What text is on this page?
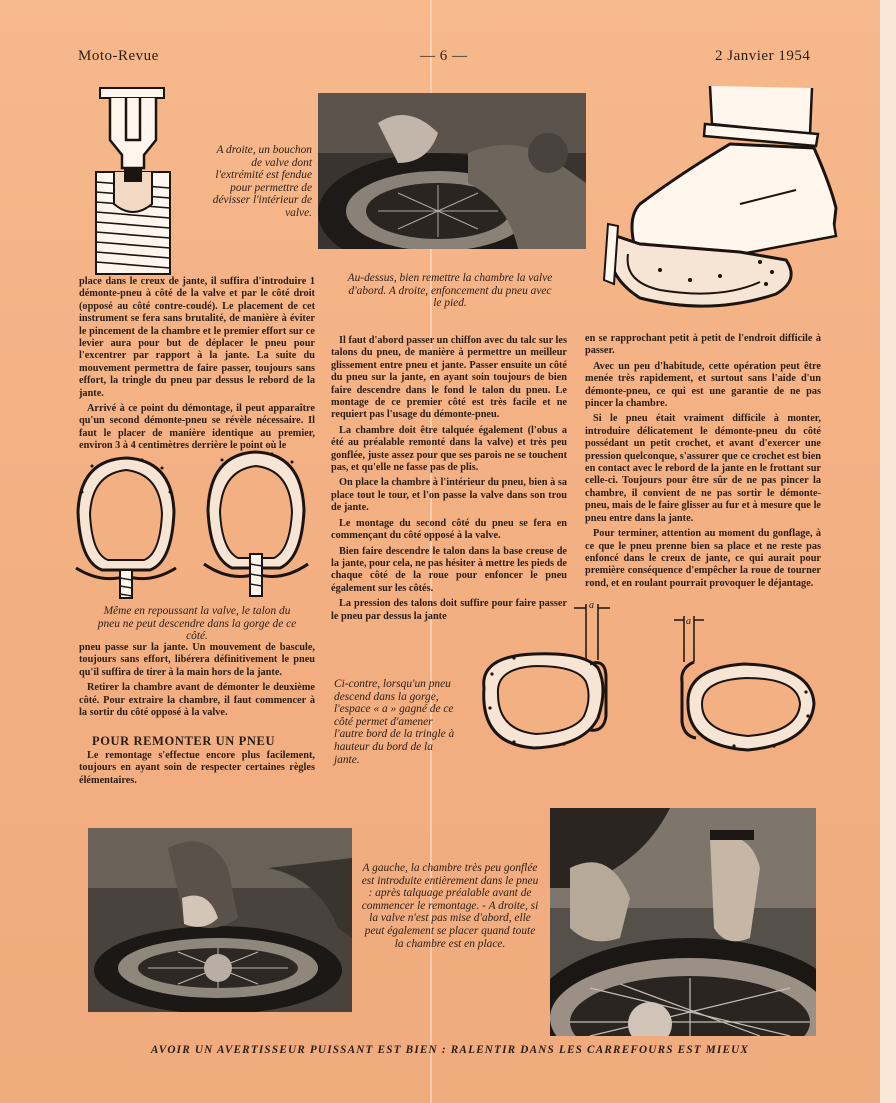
Moto-Revue	— 6 —	2 Janvier 1954
A droite, un bouchon de valve dont l'extrémité est fendue pour permettre de dévisser l'intérieur de valve.
Au-dessus, bien remettre la chambre la valve d'abord. A droite, enfoncement du pneu avec le pied.

place dans le creux de jante, il suffira d'introduire 1 démonte-pneu à côté de la valve et par le côté droit (opposé au côté contre-coudé). Le placement de cet instrument se fera sans brutalité, de manière à éviter le pincement de la chambre et le premier effort sur ce levier aura pour but de déplacer le pneu pour l'excentrer par rapport à la jante. La suite du mouvement permettra de faire passer, toujours sans effort, la tringle du pneu par dessus le rebord de la jante.

Arrivé à ce point du démontage, il peut apparaître qu'un second démonte-pneu se révèle nécessaire. Il faut le placer de manière identique au premier, environ 3 à 4 centimètres derrière le point où le

Même en repoussant la valve, le talon du pneu ne peut descendre dans la gorge de ce côté.

pneu passe sur la jante. Un mouvement de bascule, toujours sans effort, libérera définitivement le pneu qu'il suffira de tirer à la main hors de la jante.

Retirer la chambre avant de démonter le deuxième côté. Pour extraire la chambre, il faut commencer à la sortir du côté opposé à la valve.

POUR REMONTER UN PNEU

Le remontage s'effectue encore plus facilement, toujours en ayant soin de respecter certaines règles élémentaires.

Il faut d'abord passer un chiffon avec du talc sur les talons du pneu, de manière à permettre un meilleur glissement entre pneu et jante. Passer ensuite un côté du pneu sur la jante, en ayant soin toujours de bien faire descendre dans le fond le talon du pneu. Le montage de ce premier côté est très facile et ne requiert pas l'usage du démonte-pneu.

La chambre doit être talquée également (l'obus a été au préalable remonté dans la valve) et très peu gonflée, juste assez pour que ses parois ne se touchent pas, et qu'elle ne fasse pas de plis.

On place la chambre à l'intérieur du pneu, bien à sa place tout le tour, et l'on passe la valve dans son trou de jante.

Le montage du second côté du pneu se fera en commençant du côté opposé à la valve.

Bien faire descendre le talon dans la base creuse de la jante, pour cela, ne pas hésiter à mettre les pieds de chaque côté de la roue pour enfoncer le pneu également sur les côtés.

La pression des talons doit suffire pour faire passer le pneu par dessus la jante

en se rapprochant petit à petit de l'endroit difficile à passer.

Avec un peu d'habitude, cette opération peut être menée très rapidement, et surtout sans l'aide d'un démonte-pneu, ce qui est une garantie de ne pas pincer la chambre.

Si le pneu était vraiment difficile à monter, introduire délicatement le démonte-pneu du côté possédant un petit crochet, et avant d'exercer une pression quelconque, s'assurer que ce crochet est bien en contact avec le rebord de la jante en le frottant sur celle-ci. Toujours pour être sûr de ne pas pincer la chambre, il convient de ne pas sortir le démonte-pneu, mais de le faire glisser au fur et à mesure que le pneu entre dans la jante.

Pour terminer, attention au moment du gonflage, à ce que le pneu prenne bien sa place et ne reste pas enfoncé dans le creux de jante, ce qui aurait pour première conséquence d'empêcher la roue de tourner rond, et en roulant pourrait provoquer le déjantage.

a
a
Ci-contre, lorsqu'un pneu descend dans la gorge, l'espace « a » gagné de ce côté permet d'amener l'autre bord de la tringle à hauteur du bord de la jante.
A gauche, la chambre très peu gonflée est introduite entièrement dans le pneu : après talquage préalable avant de commencer le remontage. - A droite, si la valve n'est pas mise d'abord, elle peut également se placer quand toute la chambre est en place.
AVOIR UN AVERTISSEUR PUISSANT EST BIEN : RALENTIR DANS LES CARREFOURS EST MIEUX
